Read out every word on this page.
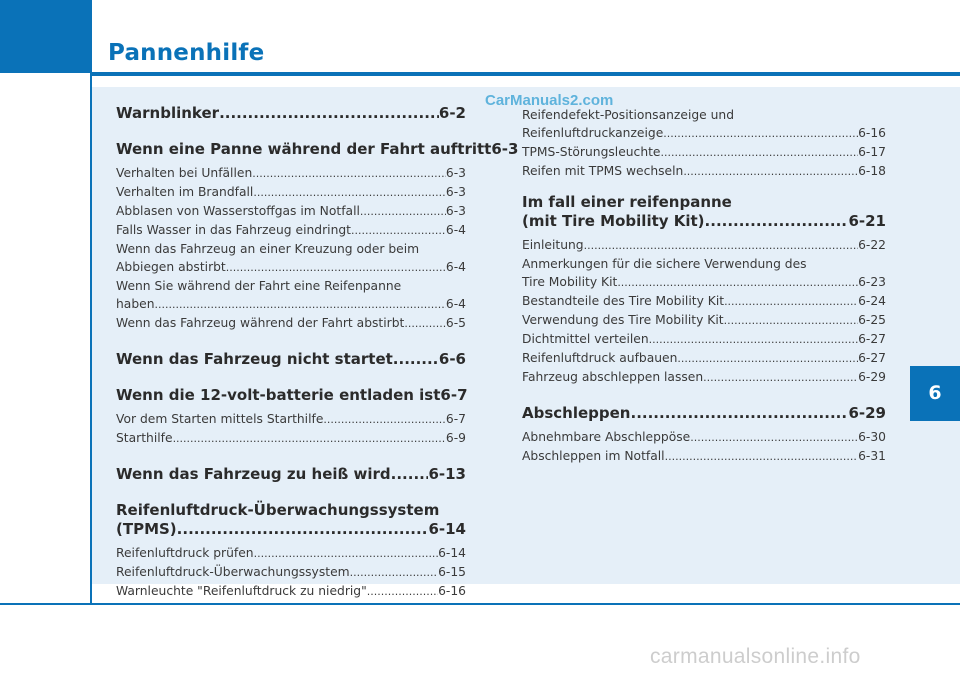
Pannenhilfe
CarManuals2.com
6
carmanualsonline.info
Warnblinker .....	6-2
Wenn eine Panne während der Fahrt auftritt 6-3
Verhalten bei Unfällen .....	6-3
Verhalten im Brandfall .....	6-3
Abblasen von Wasserstoffgas im Notfall .....	6-3
Falls Wasser in das Fahrzeug eindringt .....	6-4
Wenn das Fahrzeug an einer Kreuzung oder beim
Abbiegen abstirbt .....	6-4
Wenn Sie während der Fahrt eine Reifenpanne
haben .....	6-4
Wenn das Fahrzeug während der Fahrt abstirbt .....	6-5
Wenn das Fahrzeug nicht startet .....	6-6
Wenn die 12-volt-batterie entladen ist 6-7
Vor dem Starten mittels Starthilfe .....	6-7
Starthilfe .....	6-9
Wenn das Fahrzeug zu heiß wird .....	6-13
Reifenluftdruck-Überwachungssystem
(TPMS) .....	6-14
Reifenluftdruck prüfen .....	6-14
Reifenluftdruck-Überwachungssystem .....	6-15
Warnleuchte "Reifenluftdruck zu niedrig" .....	6-16
Reifendefekt-Positionsanzeige und
Reifenluftdruckanzeige .....	6-16
TPMS-Störungsleuchte .....	6-17
Reifen mit TPMS wechseln .....	6-18
Im fall einer reifenpanne
(mit Tire Mobility Kit) .....	6-21
Einleitung .....	6-22
Anmerkungen für die sichere Verwendung des
Tire Mobility Kit .....	6-23
Bestandteile des Tire Mobility Kit .....	6-24
Verwendung des Tire Mobility Kit .....	6-25
Dichtmittel verteilen .....	6-27
Reifenluftdruck aufbauen .....	6-27
Fahrzeug abschleppen lassen .....	6-29
Abschleppen .....	6-29
Abnehmbare Abschleppöse .....	6-30
Abschleppen im Notfall .....	6-31
